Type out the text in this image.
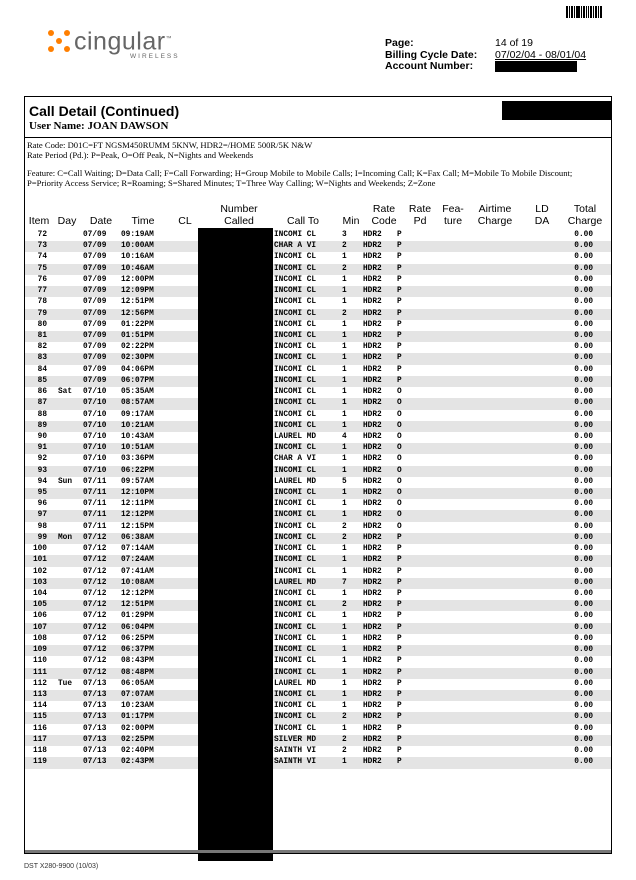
cingular™
WIRELESS
Page:	14 of 19
Billing Cycle Date:	07/02/04 - 08/01/04
Account Number:
Call Detail (Continued)
User Name: JOAN DAWSON

Rate Code: D01C=FT NGSM450RUMM 5KNW, HDR2=/HOME 500R/5K N&W
Rate Period (Pd.): P=Peak, O=Off Peak, N=Nights and Weekends

Feature: C=Call Waiting; D=Data Call; F=Call Forwarding; H=Group Mobile to Mobile Calls; I=Incoming Call; K=Fax Call; M=Mobile To Mobile Discount; P=Priority Access Service; R=Roaming; S=Shared Minutes; T=Three Way Calling; W=Nights and Weekends; Z=Zone

Item Day	Date	Time	CL
Number
Called	Call To	Min
Rate
Code
Rate
Pd
Fea-
ture
Airtime
Charge
LD
DA
Total
Charge
72	07/09	09:19AM	INCOMI CL	3	HDR2	P	0.00
73	07/09	10:00AM	CHAR A VI	2	HDR2	P	0.00
74	07/09	10:16AM	INCOMI CL	1	HDR2	P	0.00
75	07/09	10:46AM	INCOMI CL	2	HDR2	P	0.00
76	07/09	12:00PM	INCOMI CL	1	HDR2	P	0.00
77	07/09	12:09PM	INCOMI CL	1	HDR2	P	0.00
78	07/09	12:51PM	INCOMI CL	1	HDR2	P	0.00
79	07/09	12:56PM	INCOMI CL	2	HDR2	P	0.00
80	07/09	01:22PM	INCOMI CL	1	HDR2	P	0.00
81	07/09	01:51PM	INCOMI CL	1	HDR2	P	0.00
82	07/09	02:22PM	INCOMI CL	1	HDR2	P	0.00
83	07/09	02:30PM	INCOMI CL	1	HDR2	P	0.00
84	07/09	04:06PM	INCOMI CL	1	HDR2	P	0.00
85	07/09	06:07PM	INCOMI CL	1	HDR2	P	0.00
86 Sat	07/10	05:35AM	INCOMI CL	1	HDR2	O	0.00
87	07/10	08:57AM	INCOMI CL	1	HDR2	O	0.00
88	07/10	09:17AM	INCOMI CL	1	HDR2	O	0.00
89	07/10	10:21AM	INCOMI CL	1	HDR2	O	0.00
90	07/10	10:43AM	LAUREL MD	4	HDR2	O	0.00
91	07/10	10:51AM	INCOMI CL	1	HDR2	O	0.00
92	07/10	03:36PM	CHAR A VI	1	HDR2	O	0.00
93	07/10	06:22PM	INCOMI CL	1	HDR2	O	0.00
94 Sun	07/11	09:57AM	LAUREL MD	5	HDR2	O	0.00
95	07/11	12:10PM	INCOMI CL	1	HDR2	O	0.00
96	07/11	12:11PM	INCOMI CL	1	HDR2	O	0.00
97	07/11	12:12PM	INCOMI CL	1	HDR2	O	0.00
98	07/11	12:15PM	INCOMI CL	2	HDR2	O	0.00
99 Mon	07/12	06:38AM	INCOMI CL	2	HDR2	P	0.00
100	07/12	07:14AM	INCOMI CL	1	HDR2	P	0.00
101	07/12	07:24AM	INCOMI CL	1	HDR2	P	0.00
102	07/12	07:41AM	INCOMI CL	1	HDR2	P	0.00
103	07/12	10:08AM	LAUREL MD	7	HDR2	P	0.00
104	07/12	12:12PM	INCOMI CL	1	HDR2	P	0.00
105	07/12	12:51PM	INCOMI CL	2	HDR2	P	0.00
106	07/12	01:29PM	INCOMI CL	1	HDR2	P	0.00
107	07/12	06:04PM	INCOMI CL	1	HDR2	P	0.00
108	07/12	06:25PM	INCOMI CL	1	HDR2	P	0.00
109	07/12	06:37PM	INCOMI CL	1	HDR2	P	0.00
110	07/12	08:43PM	INCOMI CL	1	HDR2	P	0.00
111	07/12	08:48PM	INCOMI CL	1	HDR2	P	0.00
112 Tue	07/13	06:05AM	LAUREL MD	1	HDR2	P	0.00
113	07/13	07:07AM	INCOMI CL	1	HDR2	P	0.00
114	07/13	10:23AM	INCOMI CL	1	HDR2	P	0.00
115	07/13	01:17PM	INCOMI CL	2	HDR2	P	0.00
116	07/13	02:00PM	INCOMI CL	1	HDR2	P	0.00
117	07/13	02:25PM	SILVER MD	2	HDR2	P	0.00
118	07/13	02:40PM	SAINTH VI	2	HDR2	P	0.00
119	07/13	02:43PM	SAINTH VI	1	HDR2	P	0.00
DST X280-9900 (10/03)
